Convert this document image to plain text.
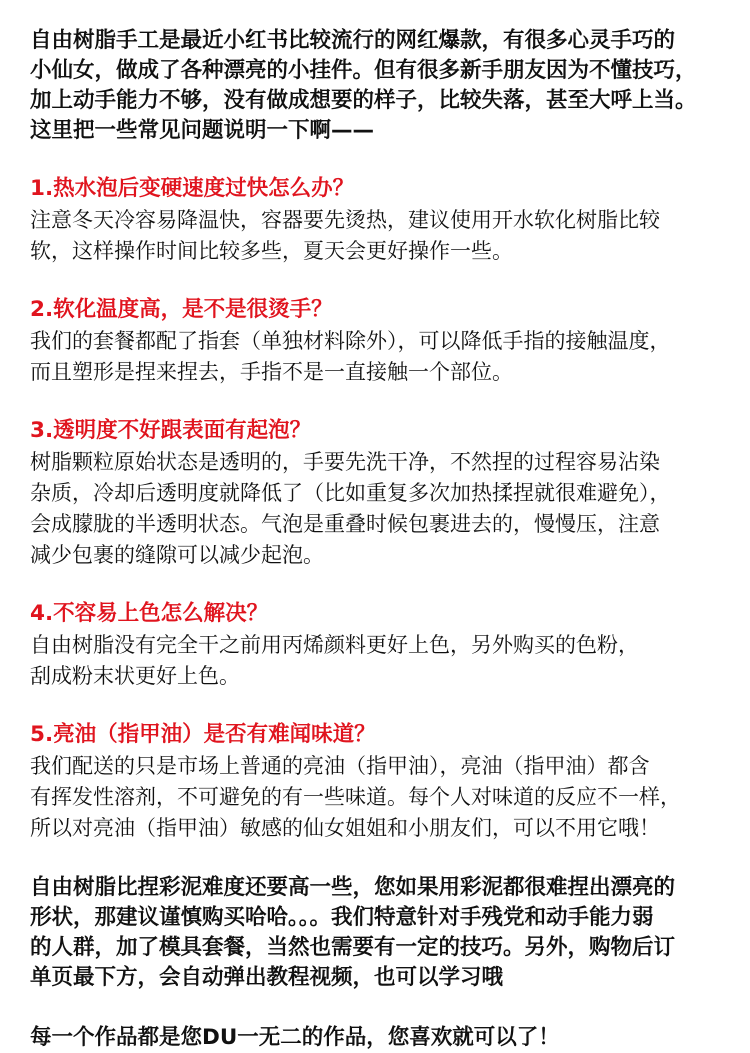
自由树脂手工是最近小红书比较流行的网红爆款，有很多心灵手巧的
小仙女，做成了各种漂亮的小挂件。但有很多新手朋友因为不懂技巧，
加上动手能力不够，没有做成想要的样子，比较失落，甚至大呼上当。
这里把一些常见问题说明一下啊——
1.热水泡后变硬速度过快怎么办？
注意冬天冷容易降温快，容器要先烫热，建议使用开水软化树脂比较
软，这样操作时间比较多些，夏天会更好操作一些。
2.软化温度高，是不是很烫手？
我们的套餐都配了指套（单独材料除外），可以降低手指的接触温度，
而且塑形是捏来捏去，手指不是一直接触一个部位。
3.透明度不好跟表面有起泡？
树脂颗粒原始状态是透明的，手要先洗干净，不然捏的过程容易沾染
杂质，冷却后透明度就降低了（比如重复多次加热揉捏就很难避免），
会成朦胧的半透明状态。气泡是重叠时候包裹进去的，慢慢压，注意
减少包裹的缝隙可以减少起泡。
4.不容易上色怎么解决？
自由树脂没有完全干之前用丙烯颜料更好上色，另外购买的色粉，
刮成粉末状更好上色。
5.亮油（指甲油）是否有难闻味道？
我们配送的只是市场上普通的亮油（指甲油），亮油（指甲油）都含
有挥发性溶剂，不可避免的有一些味道。每个人对味道的反应不一样，
所以对亮油（指甲油）敏感的仙女姐姐和小朋友们，可以不用它哦！
自由树脂比捏彩泥难度还要高一些，您如果用彩泥都很难捏出漂亮的
形状，那建议谨慎购买哈哈。。。我们特意针对手残党和动手能力弱
的人群，加了模具套餐，当然也需要有一定的技巧。另外，购物后订
单页最下方，会自动弹出教程视频，也可以学习哦
每一个作品都是您DU一无二的作品，您喜欢就可以了！
